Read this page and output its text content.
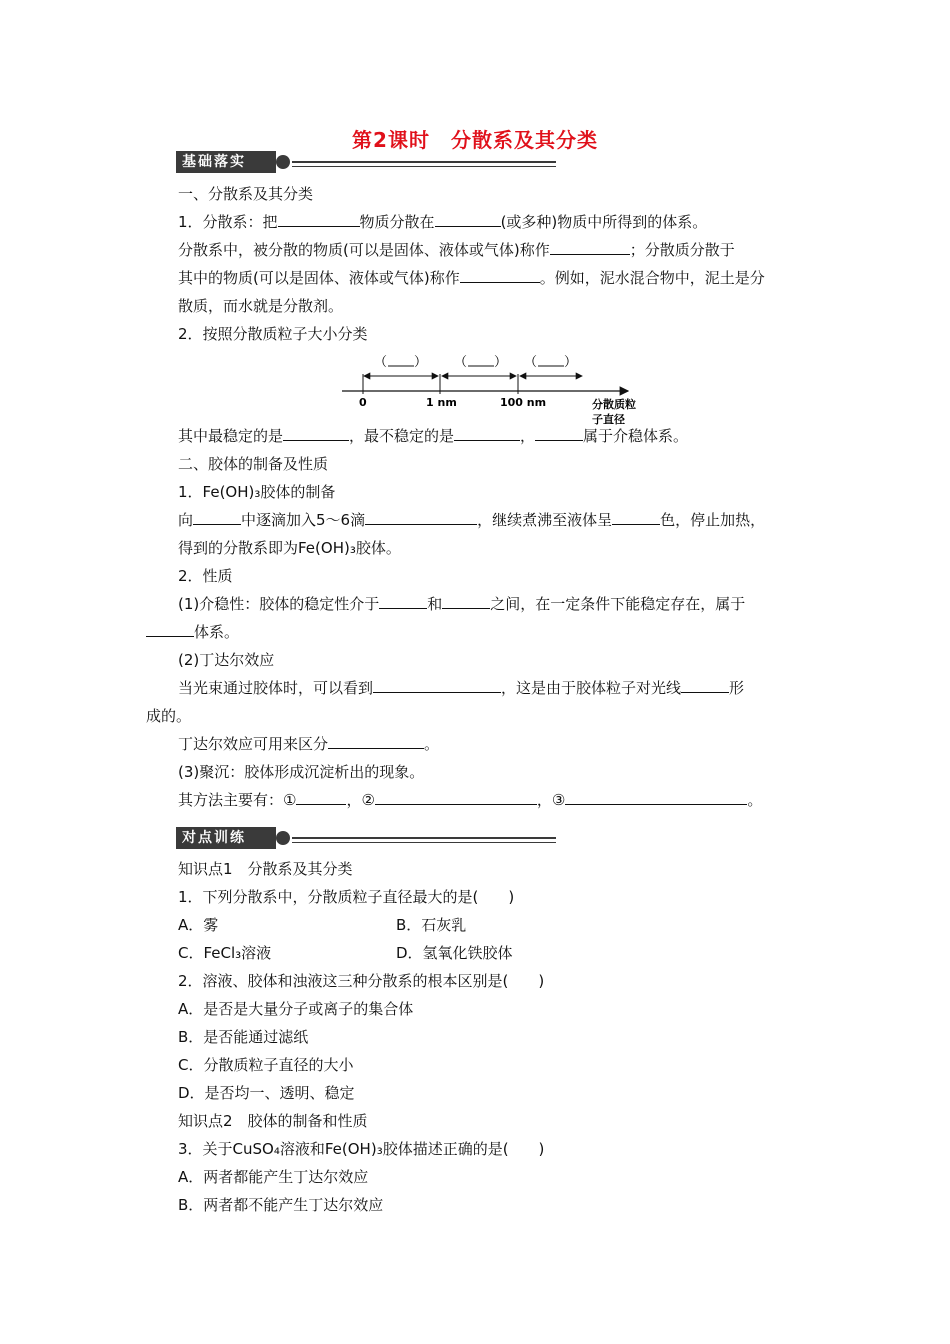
第2课时　分散系及其分类
基础落实
一、分散系及其分类
1．分散系：把	物质分散在	(或多种)物质中所得到的体系。
分散系中，被分散的物质(可以是固体、液体或气体)称作	；分散质分散于
其中的物质(可以是固体、液体或气体)称作	。例如，泥水混合物中，泥土是分
散质，而水就是分散剂。
2．按照分散质粒子大小分类
（ ） （ ） （ ）
0	1 nm	100 nm	分散质粒
子直径
其中最稳定的是	，最不稳定的是	，	属于介稳体系。
二、胶体的制备及性质
1．Fe(OH)₃胶体的制备
向	中逐滴加入5～6滴	，继续煮沸至液体呈	色，停止加热，
得到的分散系即为Fe(OH)₃胶体。
2．性质
(1)介稳性：胶体的稳定性介于	和	之间，在一定条件下能稳定存在，属于
体系。
(2)丁达尔效应
当光束通过胶体时，可以看到	，这是由于胶体粒子对光线	形
成的。
丁达尔效应可用来区分	。
(3)聚沉：胶体形成沉淀析出的现象。
其方法主要有：①	，②	，③	。
对点训练
知识点1　分散系及其分类
1．下列分散系中，分散质粒子直径最大的是(　　)
A．雾	B．石灰乳
C．FeCl₃溶液	D．氢氧化铁胶体
2．溶液、胶体和浊液这三种分散系的根本区别是(　　)
A．是否是大量分子或离子的集合体
B．是否能通过滤纸
C．分散质粒子直径的大小
D．是否均一、透明、稳定
知识点2　胶体的制备和性质
3．关于CuSO₄溶液和Fe(OH)₃胶体描述正确的是(　　)
A．两者都能产生丁达尔效应
B．两者都不能产生丁达尔效应
